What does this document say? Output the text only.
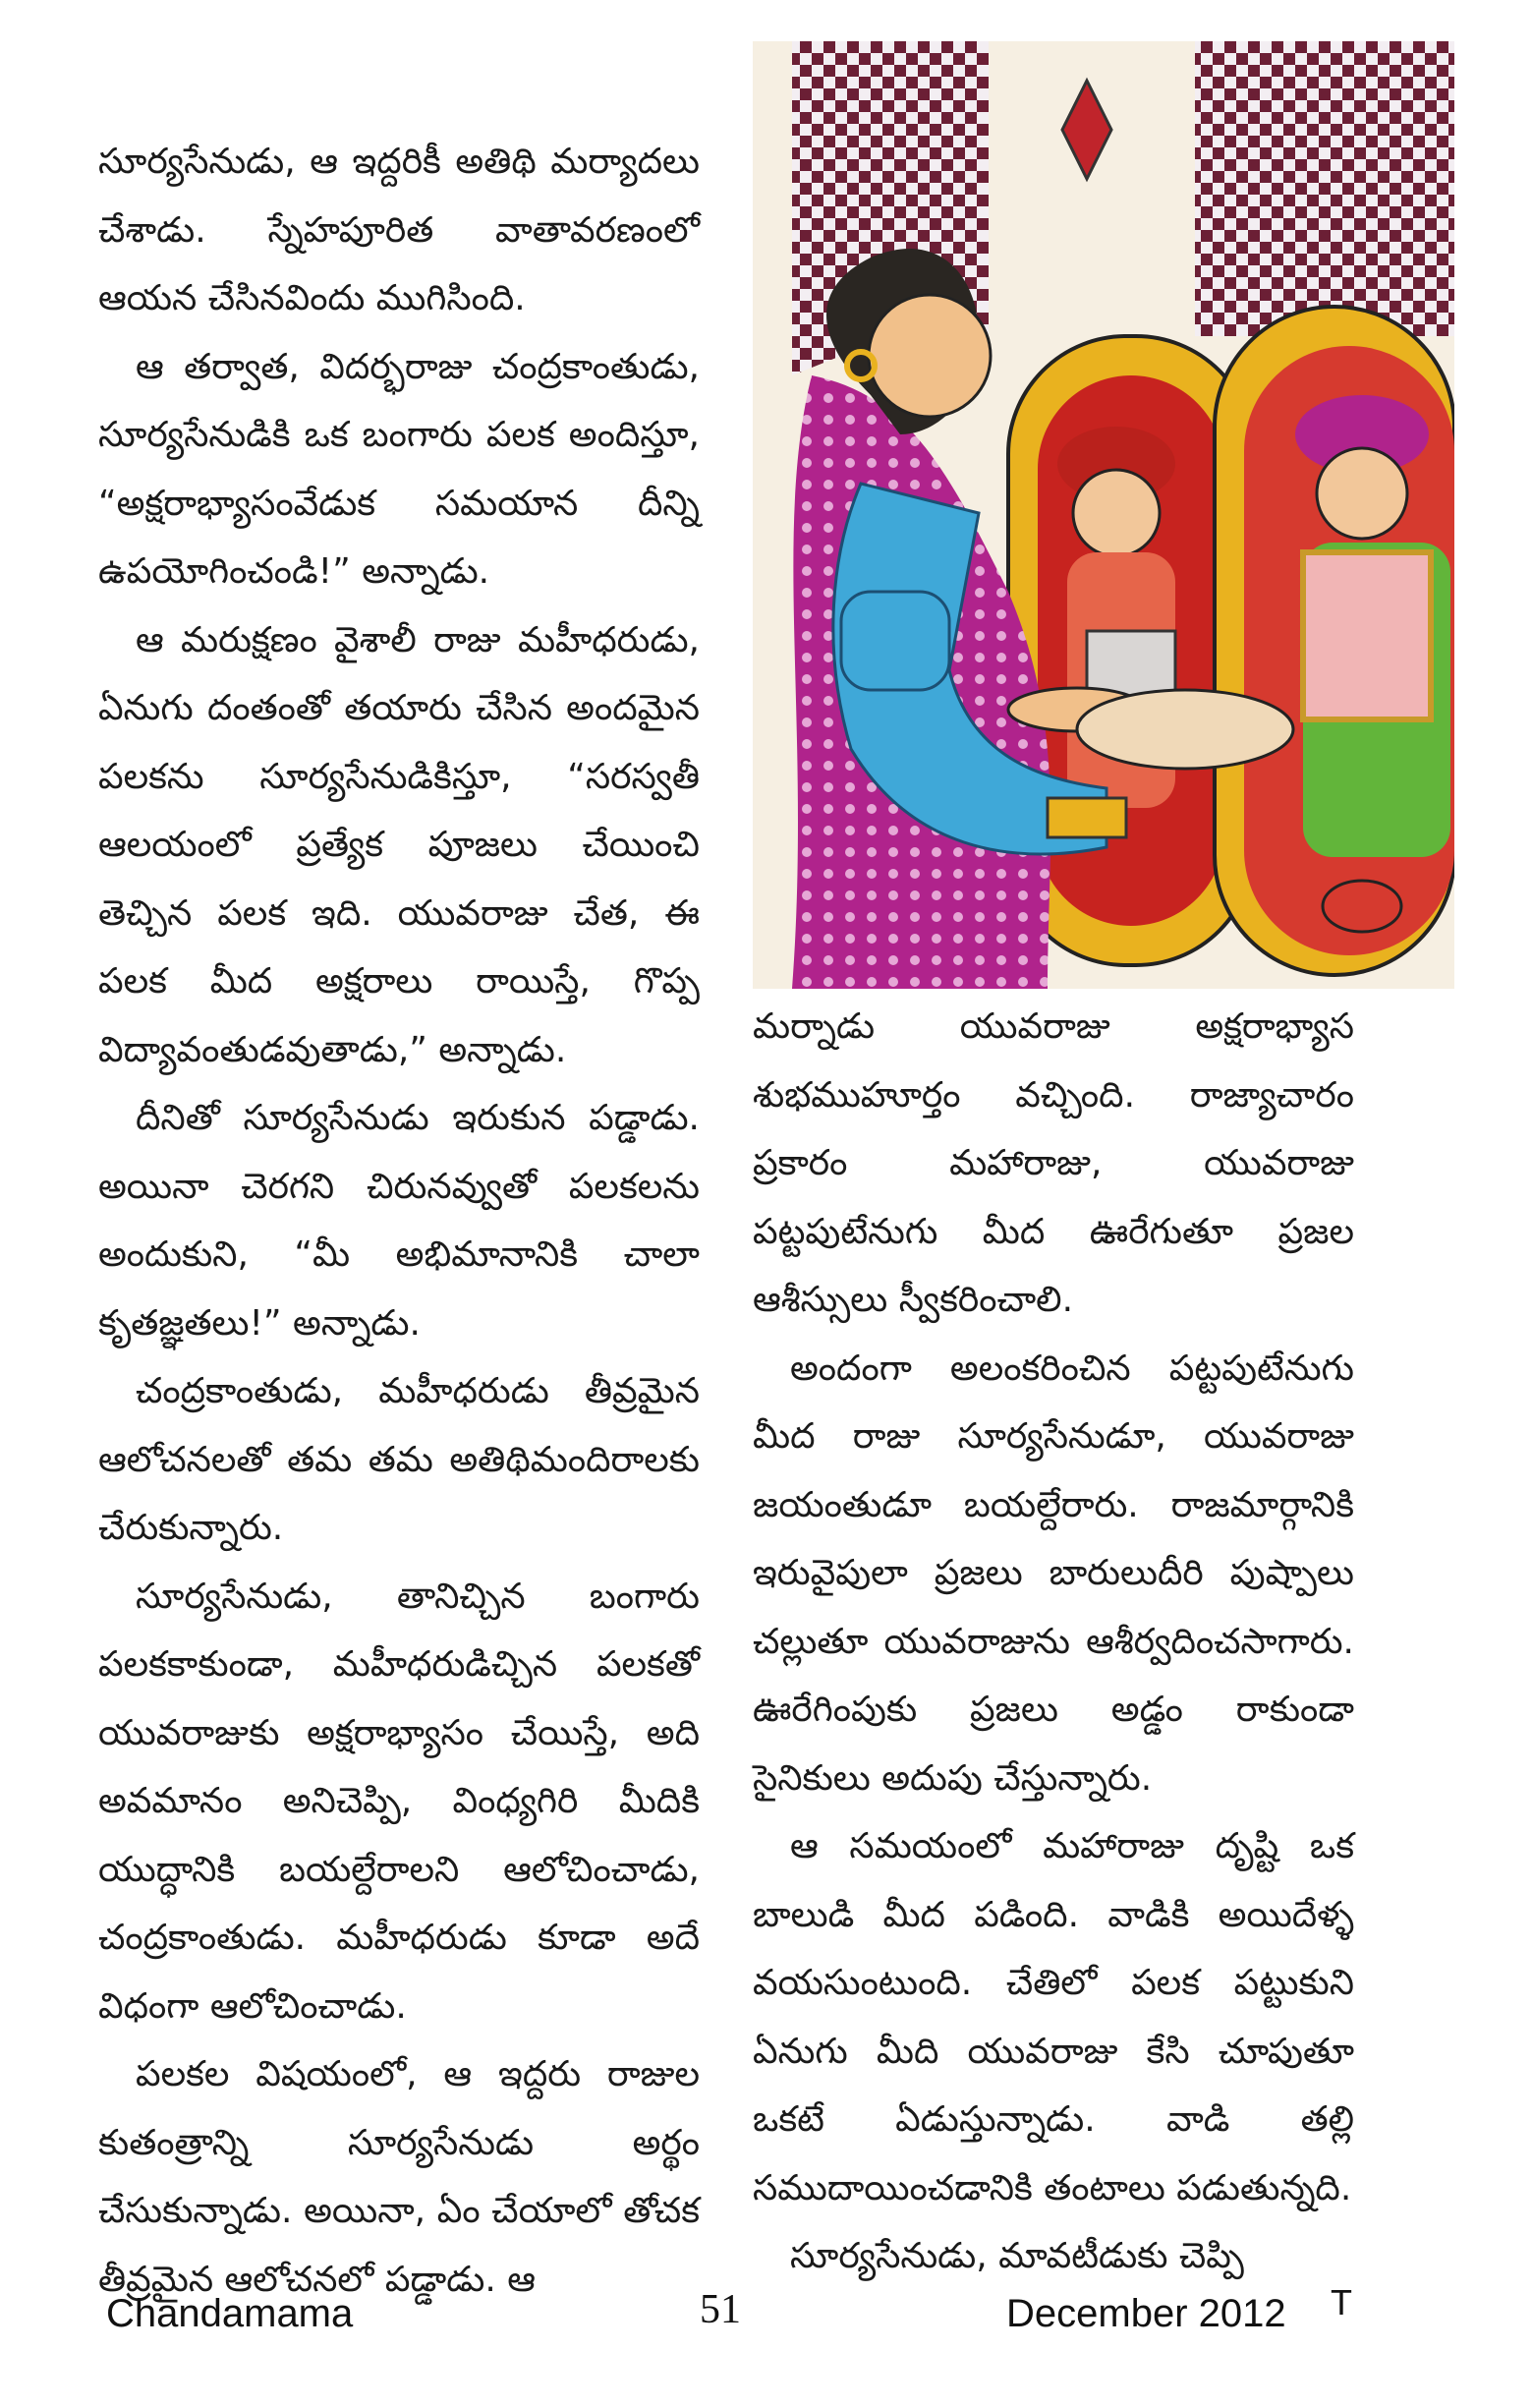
సూర్యసేనుడు, ఆ ఇద్దరికీ అతిథి మర్యాదలు చేశాడు. స్నేహపూరిత వాతావరణంలో ఆయన చేసినవిందు ముగిసింది.

ఆ తర్వాత, విదర్భరాజు చంద్రకాంతుడు, సూర్యసేనుడికి ఒక బంగారు పలక అందిస్తూ, “అక్షరాభ్యాసంవేడుక సమయాన దీన్ని ఉపయోగించండి!” అన్నాడు.

ఆ మరుక్షణం వైశాలీ రాజు మహీధరుడు, ఏనుగు దంతంతో తయారు చేసిన అందమైన పలకను సూర్యసేనుడికిస్తూ, “సరస్వతీ ఆలయంలో ప్రత్యేక పూజలు చేయించి తెచ్చిన పలక ఇది. యువరాజు చేత, ఈ పలక మీద అక్షరాలు రాయిస్తే, గొప్ప విద్యావంతుడవుతాడు,” అన్నాడు.

దీనితో సూర్యసేనుడు ఇరుకున పడ్డాడు. అయినా చెరగని చిరునవ్వుతో పలకలను అందుకుని, “మీ అభిమానానికి చాలా కృతజ్ఞతలు!” అన్నాడు.

చంద్రకాంతుడు, మహీధరుడు తీవ్రమైన ఆలోచనలతో తమ తమ అతిథిమందిరాలకు చేరుకున్నారు.

సూర్యసేనుడు, తానిచ్చిన బంగారు పలకకాకుండా, మహీధరుడిచ్చిన పలకతో యువరాజుకు అక్షరాభ్యాసం చేయిస్తే, అది అవమానం అనిచెప్పి, వింధ్యగిరి మీదికి యుద్ధానికి బయల్దేరాలని ఆలోచించాడు, చంద్రకాంతుడు. మహీధరుడు కూడా అదే విధంగా ఆలోచించాడు.

పలకల విషయంలో, ఆ ఇద్దరు రాజుల కుతంత్రాన్ని సూర్యసేనుడు అర్థం చేసుకున్నాడు. అయినా, ఏం చేయాలో తోచక తీవ్రమైన ఆలోచనలో పడ్డాడు. ఆ

మర్నాడు యువరాజు అక్షరాభ్యాస శుభముహూర్తం వచ్చింది. రాజ్యాచారం ప్రకారం మహారాజు, యువరాజు పట్టపుటేనుగు మీద ఊరేగుతూ ప్రజల ఆశీస్సులు స్వీకరించాలి.

అందంగా అలంకరించిన పట్టపుటేనుగు మీద రాజు సూర్యసేనుడూ, యువరాజు జయంతుడూ బయల్దేరారు. రాజమార్గానికి ఇరువైపులా ప్రజలు బారులుదీరి పుష్పాలు చల్లుతూ యువరాజును ఆశీర్వదించసాగారు. ఊరేగింపుకు ప్రజలు అడ్డం రాకుండా సైనికులు అదుపు చేస్తున్నారు.

ఆ సమయంలో మహారాజు దృష్టి ఒక బాలుడి మీద పడింది. వాడికి అయిదేళ్ళ వయసుంటుంది. చేతిలో పలక పట్టుకుని ఏనుగు మీది యువరాజు కేసి చూపుతూ ఒకటే ఏడుస్తున్నాడు. వాడి తల్లి సముదాయించడానికి తంటాలు పడుతున్నది.

సూర్యసేనుడు, మావటీడుకు చెప్పి

Chandamama	51	December 2012 T
